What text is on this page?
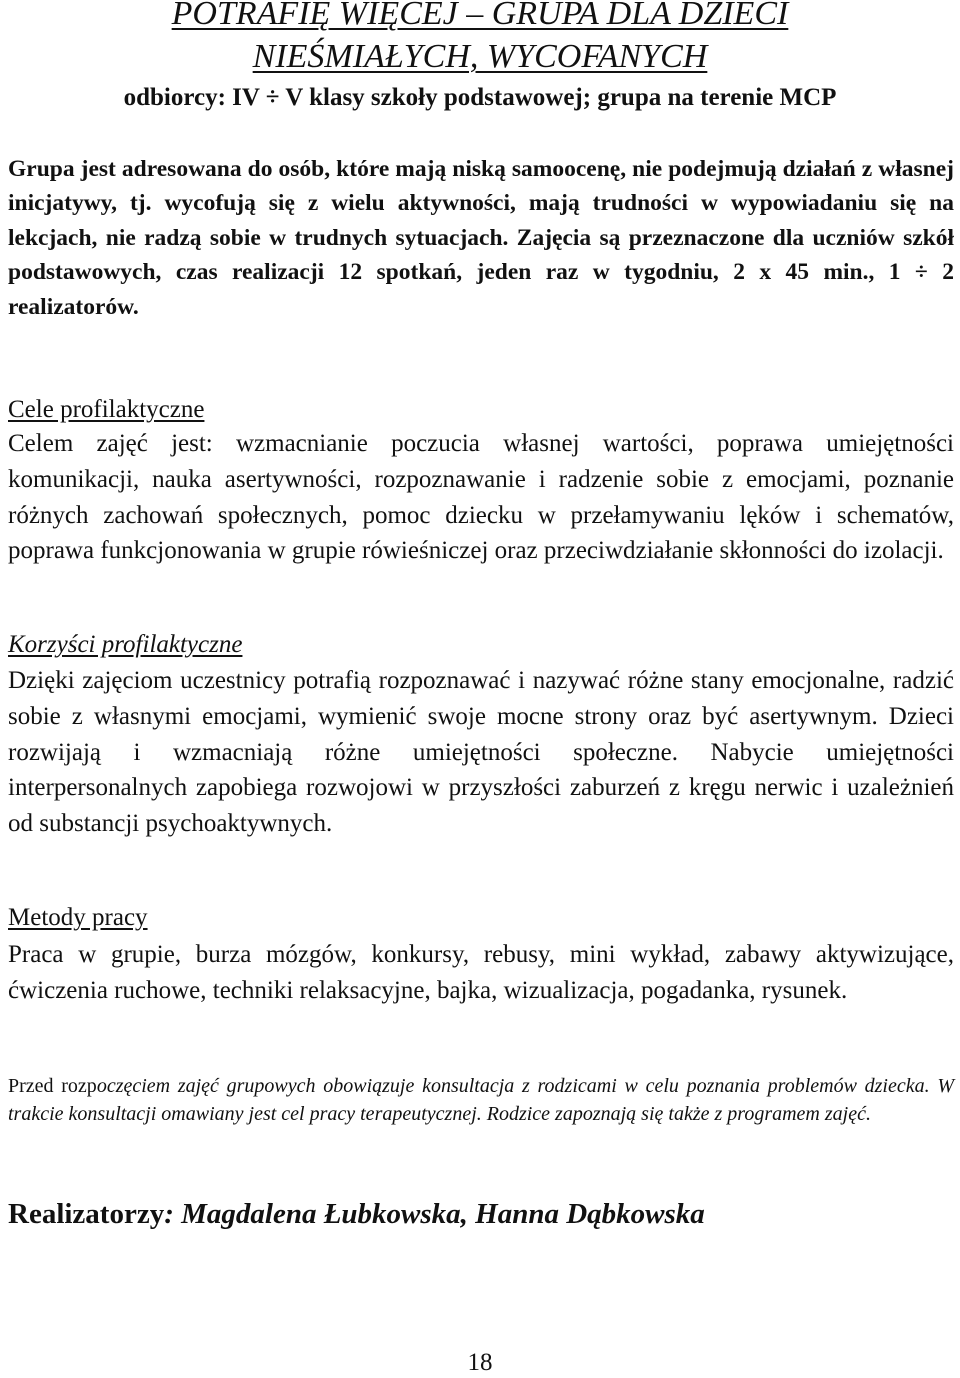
POTRAFIĘ WIĘCEJ – GRUPA DLA DZIECI
NIEŚMIAŁYCH, WYCOFANYCH
odbiorcy: IV ÷ V klasy szkoły podstawowej; grupa na terenie MCP

Grupa jest adresowana do osób, które mają niską samoocenę, nie podejmują działań z własnej inicjatywy, tj. wycofują się z wielu aktywności, mają trudności w wypowiadaniu się na lekcjach, nie radzą sobie w trudnych sytuacjach. Zajęcia są przeznaczone dla uczniów szkół podstawowych, czas realizacji 12 spotkań, jeden raz w tygodniu, 2 x 45 min., 1 ÷ 2 realizatorów.

Cele profilaktyczne

Celem zajęć jest: wzmacnianie poczucia własnej wartości, poprawa umiejętności komunikacji, nauka asertywności, rozpoznawanie i radzenie sobie z emocjami, poznanie różnych zachowań społecznych, pomoc dziecku w przełamywaniu lęków i schematów, poprawa funkcjonowania w grupie rówieśniczej oraz przeciwdziałanie skłonności do izolacji.

Korzyści profilaktyczne

Dzięki zajęciom uczestnicy potrafią rozpoznawać i nazywać różne stany emocjonalne, radzić sobie z własnymi emocjami, wymienić swoje mocne strony oraz być asertywnym. Dzieci rozwijają i wzmacniają różne umiejętności społeczne. Nabycie umiejętności interpersonalnych zapobiega rozwojowi w przyszłości zaburzeń z kręgu nerwic i uzależnień od substancji psychoaktywnych.

Metody pracy

Praca w grupie, burza mózgów, konkursy, rebusy, mini wykład, zabawy aktywizujące, ćwiczenia ruchowe, techniki relaksacyjne, bajka, wizualizacja, pogadanka, rysunek.

Przed rozpoczęciem zajęć grupowych obowiązuje konsultacja z rodzicami w celu poznania problemów dziecka. W trakcie konsultacji omawiany jest cel pracy terapeutycznej. Rodzice zapoznają się także z programem zajęć.

Realizatorzy: Magdalena Łubkowska, Hanna Dąbkowska
18
